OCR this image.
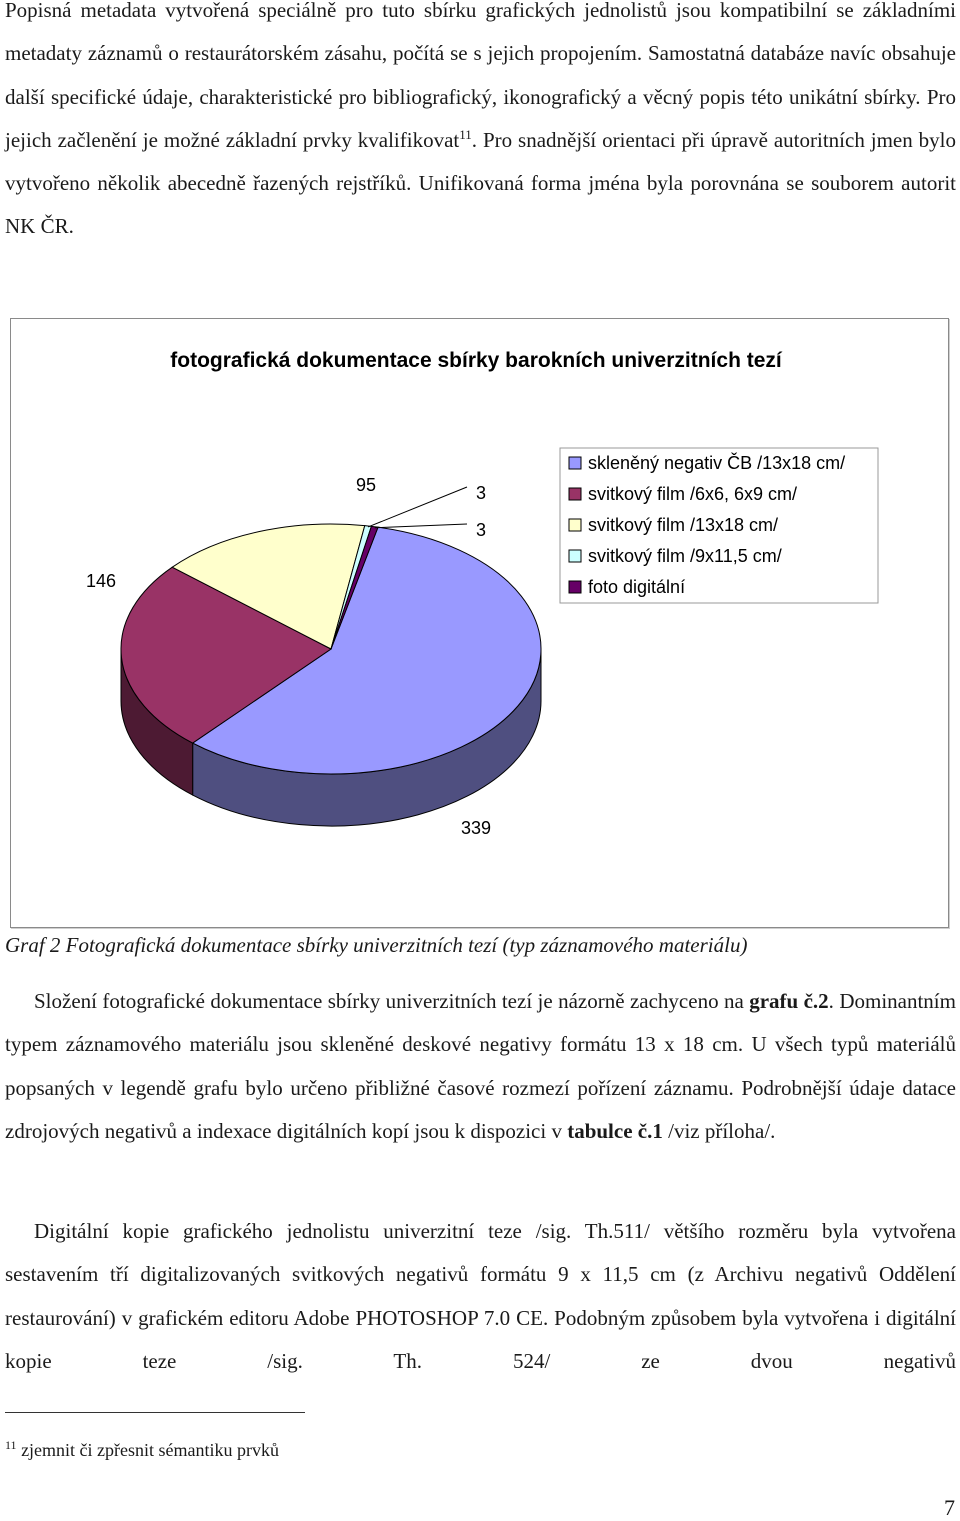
Popisná metadata vytvořená speciálně pro tuto sbírku grafických jednolistů jsou kompatibilní se základními metadaty záznamů o restaurátorském zásahu, počítá se s jejich propojením. Samostatná databáze navíc obsahuje další specifické údaje, charakteristické pro bibliografický, ikonografický a věcný popis této unikátní sbírky. Pro jejich začlenění je možné základní prvky kvalifikovat$^{11}$. Pro snadnější orientaci při úpravě autoritních jmen bylo vytvořeno několik abecedně řazených rejstříků. Unifikovaná forma jména byla porovnána se souborem autorit NK ČR.

fotografická dokumentace sbírky barokních univerzitních tezí
339
146
95	3
3
skleněný negativ ČB /13x18 cm/
svitkový film /6x6, 6x9 cm/
svitkový film /13x18 cm/
svitkový film /9x11,5 cm/
foto digitální

Graf 2 Fotografická dokumentace sbírky univerzitních tezí (typ záznamového materiálu)

Složení fotografické dokumentace sbírky univerzitních tezí je názorně zachyceno na grafu č.2. Dominantním typem záznamového materiálu jsou skleněné deskové negativy formátu 13 x 18 cm. U všech typů materiálů popsaných v legendě grafu bylo určeno přibližné časové rozmezí pořízení záznamu. Podrobnější údaje datace zdrojových negativů a indexace digitálních kopí jsou k dispozici v tabulce č.1 /viz příloha/.

Digitální kopie grafického jednolistu univerzitní teze /sig. Th.511/ většího rozměru byla vytvořena sestavením tří digitalizovaných svitkových negativů formátu 9 x 11,5 cm (z Archivu negativů Oddělení restaurování) v grafickém editoru Adobe PHOTOSHOP 7.0 CE. Podobným způsobem byla vytvořena i digitální kopie teze /sig. Th. 524/ ze dvou negativů

$^{11}$ zjemnit či zpřesnit sémantiku prvků

7
